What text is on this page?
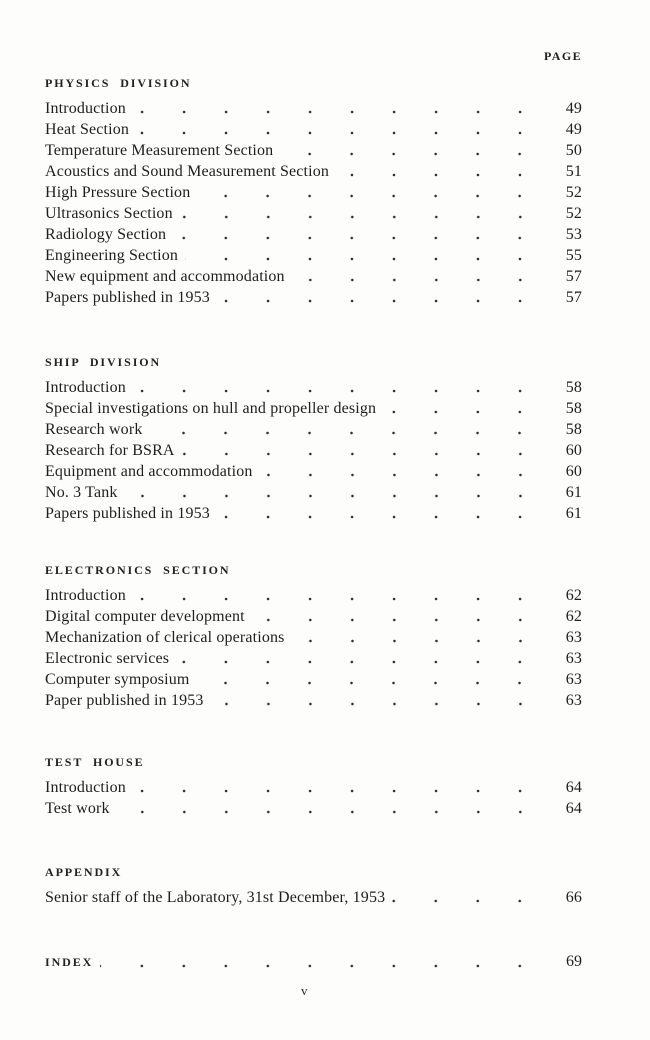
PAGE
PHYSICS DIVISION
Introduction	49
Heat Section	49
Temperature Measurement Section	50
Acoustics and Sound Measurement Section	51
High Pressure Section	52
Ultrasonics Section	52
Radiology Section	53
Engineering Section	55
New equipment and accommodation	57
Papers published in 1953	57
SHIP DIVISION
Introduction	58
Special investigations on hull and propeller design	58
Research work	58
Research for BSRA	60
Equipment and accommodation	60
No. 3 Tank	61
Papers published in 1953	61
ELECTRONICS SECTION
Introduction	62
Digital computer development	62
Mechanization of clerical operations	63
Electronic services	63
Computer symposium	63
Paper published in 1953	63
TEST HOUSE
Introduction	64
Test work	64
APPENDIX
Senior staff of the Laboratory, 31st December, 1953	66
INDEX	69
v
